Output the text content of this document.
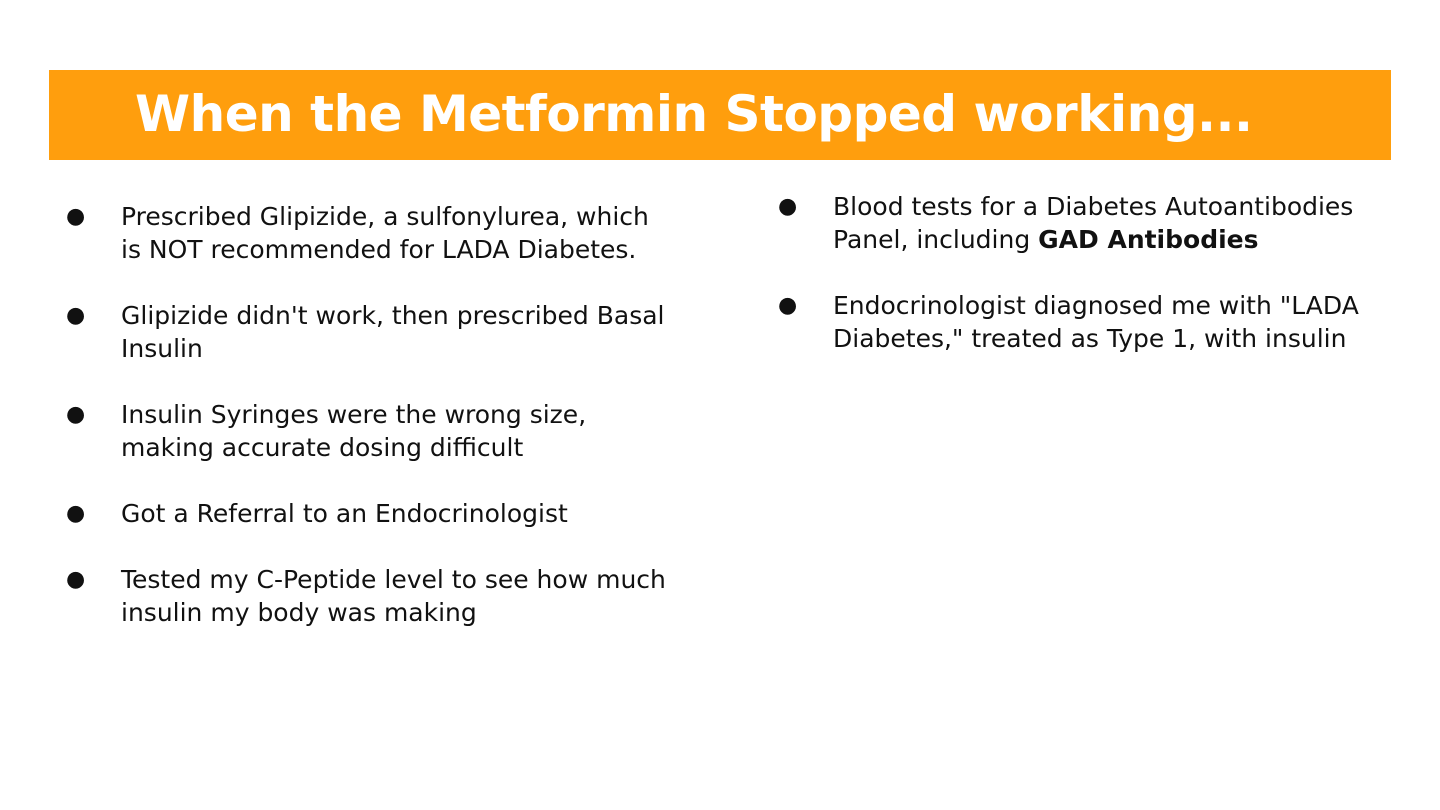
When the Metformin Stopped working...
● Prescribed Glipizide, a sulfonylurea, which is NOT recommended for LADA Diabetes.
● Glipizide didn't work, then prescribed Basal Insulin
● Insulin Syringes were the wrong size, making accurate dosing difficult
● Got a Referral to an Endocrinologist
● Tested my C-Peptide level to see how much insulin my body was making
● Blood tests for a Diabetes Autoantibodies Panel, including GAD Antibodies
● Endocrinologist diagnosed me with "LADA Diabetes," treated as Type 1, with insulin
